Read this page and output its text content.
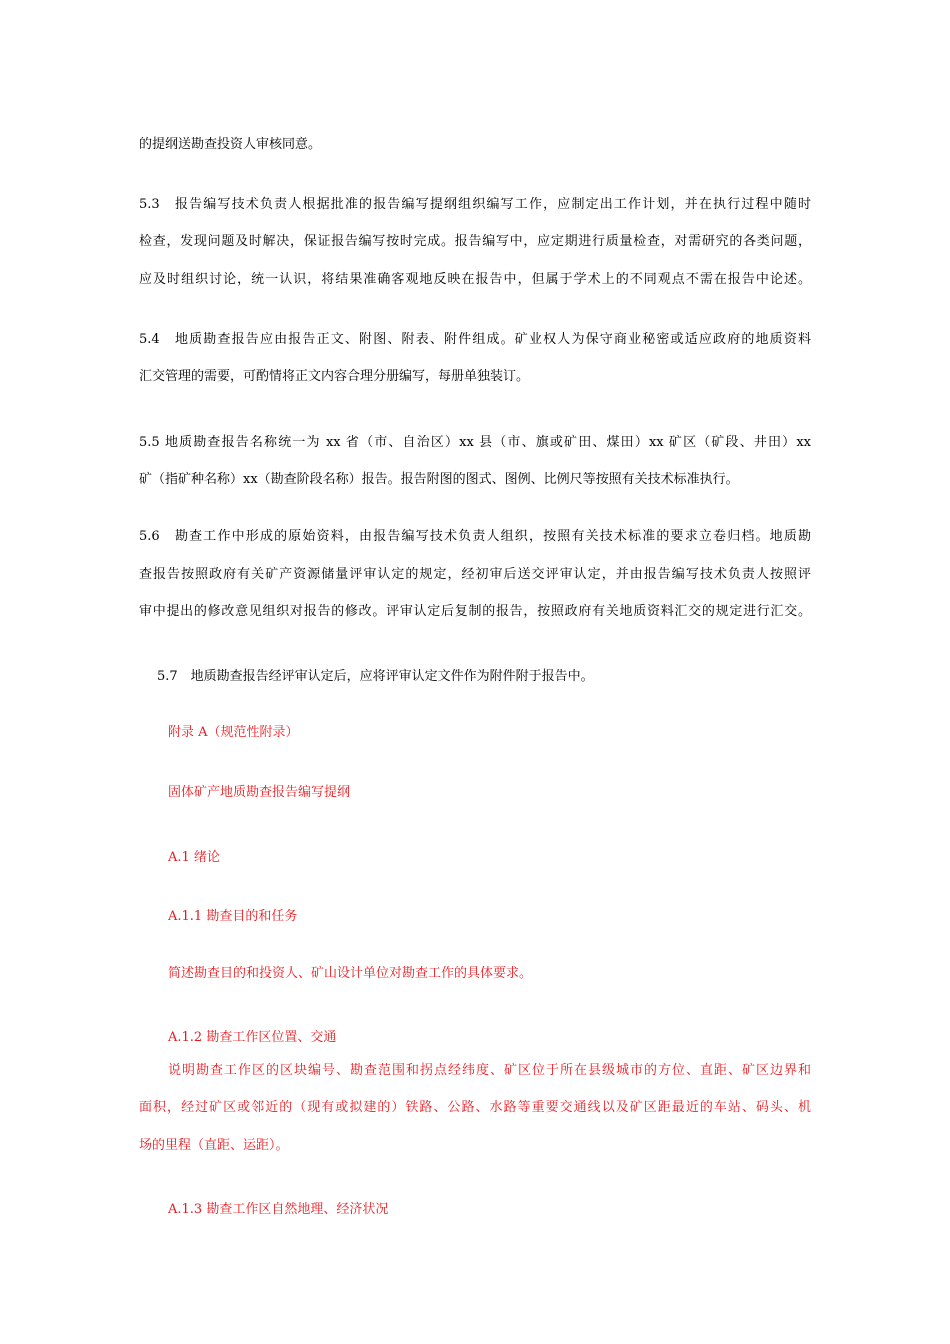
的提纲送勘查投资人审核同意。
5.3　报告编写技术负责人根据批准的报告编写提纲组织编写工作，应制定出工作计划，并在执行过程中随时
检查，发现问题及时解决，保证报告编写按时完成。报告编写中，应定期进行质量检查，对需研究的各类问题，
应及时组织讨论，统一认识，将结果准确客观地反映在报告中，但属于学术上的不同观点不需在报告中论述。
5.4　地质勘查报告应由报告正文、附图、附表、附件组成。矿业权人为保守商业秘密或适应政府的地质资料
汇交管理的需要，可酌情将正文内容合理分册编写，每册单独装订。
5.5 地质勘查报告名称统一为 xx 省（市、自治区）xx 县（市、旗或矿田、煤田）xx 矿区（矿段、井田）xx
矿（指矿种名称）xx（勘查阶段名称）报告。报告附图的图式、图例、比例尺等按照有关技术标准执行。
5.6　勘查工作中形成的原始资料，由报告编写技术负责人组织，按照有关技术标准的要求立卷归档。地质勘
查报告按照政府有关矿产资源储量评审认定的规定，经初审后送交评审认定，并由报告编写技术负责人按照评
审中提出的修改意见组织对报告的修改。评审认定后复制的报告，按照政府有关地质资料汇交的规定进行汇交。
5.7　地质勘查报告经评审认定后，应将评审认定文件作为附件附于报告中。
附录 A（规范性附录）
固体矿产地质勘查报告编写提纲
A.1 绪论
A.1.1 勘查目的和任务
简述勘查目的和投资人、矿山设计单位对勘查工作的具体要求。
A.1.2 勘查工作区位置、交通
说明勘查工作区的区块编号、勘查范围和拐点经纬度、矿区位于所在县级城市的方位、直距、矿区边界和
面积，经过矿区或邻近的（现有或拟建的）铁路、公路、水路等重要交通线以及矿区距最近的车站、码头、机
场的里程（直距、运距）。
A.1.3 勘查工作区自然地理、经济状况
